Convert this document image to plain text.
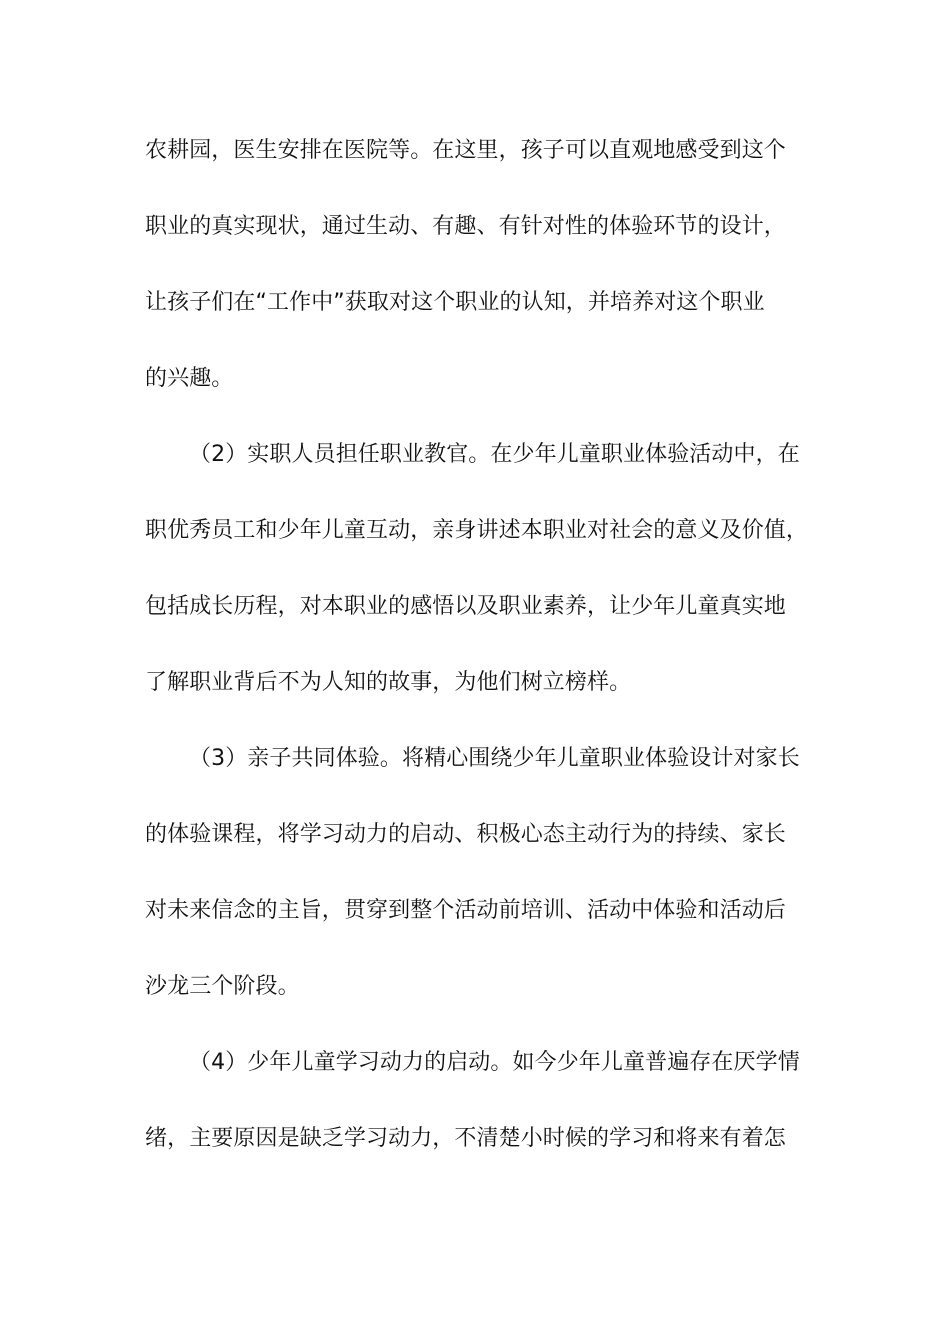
农耕园，医生安排在医院等。在这里，孩子可以直观地感受到这个
职业的真实现状，通过生动、有趣、有针对性的体验环节的设计，
让孩子们在“工作中”获取对这个职业的认知，并培养对这个职业
的兴趣。
（2）实职人员担任职业教官。在少年儿童职业体验活动中，在
职优秀员工和少年儿童互动，亲身讲述本职业对社会的意义及价值，
包括成长历程，对本职业的感悟以及职业素养，让少年儿童真实地
了解职业背后不为人知的故事，为他们树立榜样。
（3）亲子共同体验。将精心围绕少年儿童职业体验设计对家长
的体验课程，将学习动力的启动、积极心态主动行为的持续、家长
对未来信念的主旨，贯穿到整个活动前培训、活动中体验和活动后
沙龙三个阶段。
（4）少年儿童学习动力的启动。如今少年儿童普遍存在厌学情
绪，主要原因是缺乏学习动力，不清楚小时候的学习和将来有着怎
